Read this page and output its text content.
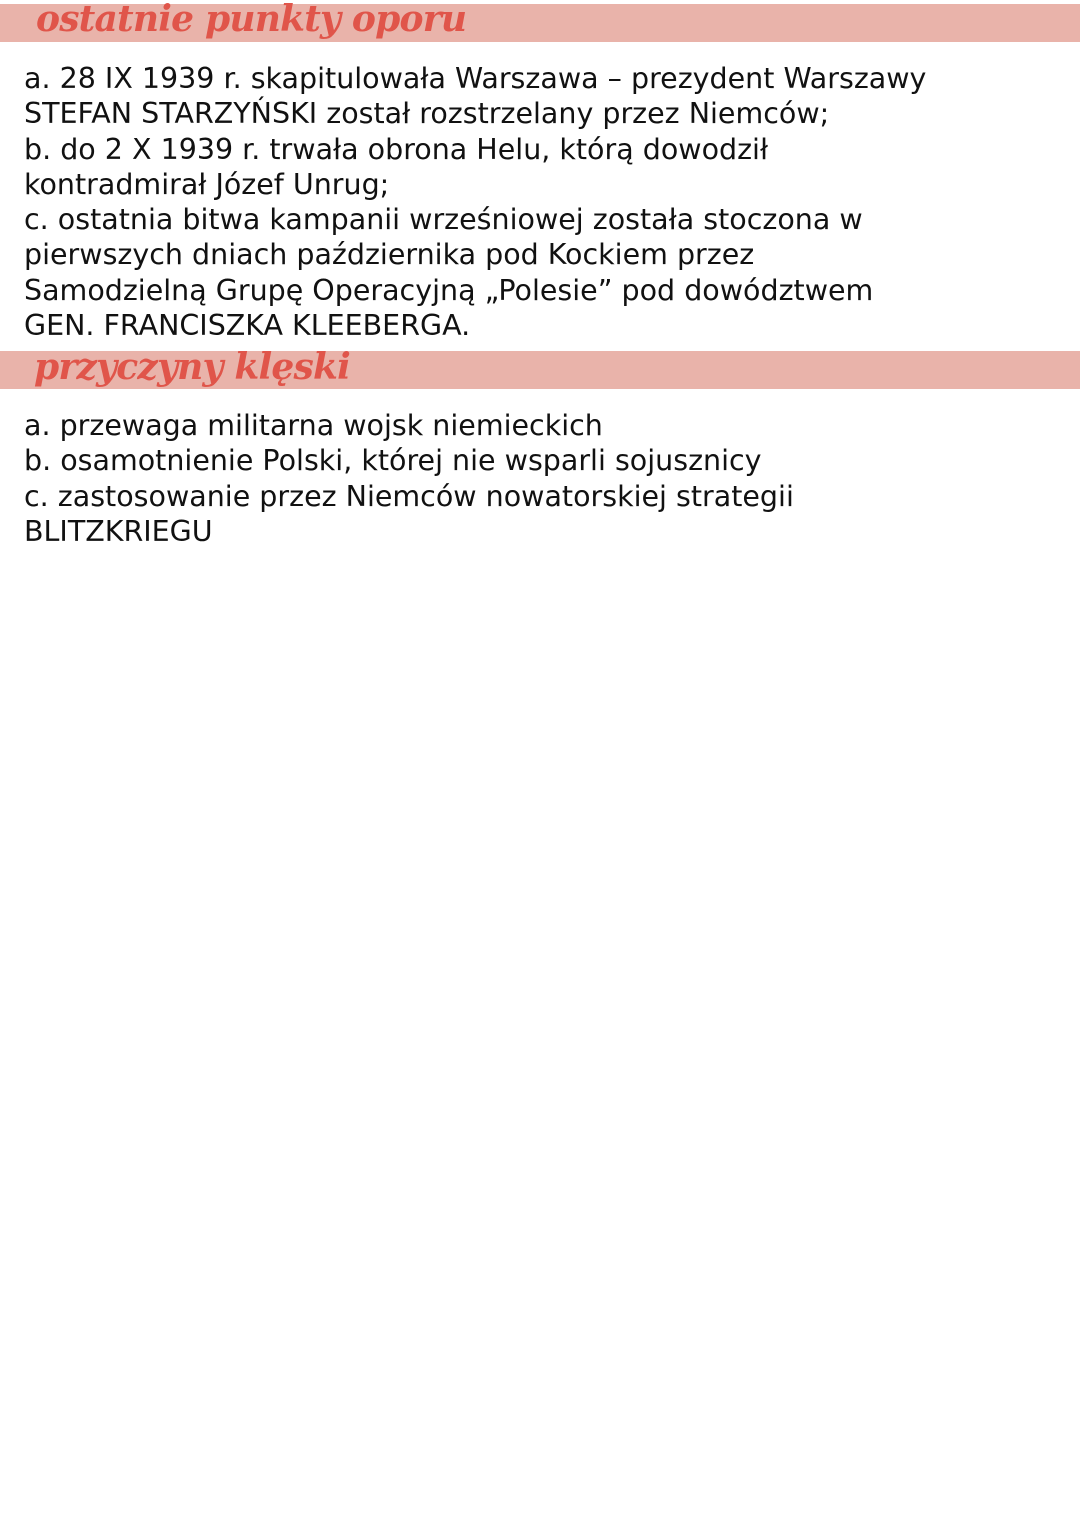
ostatnie punkty oporu

a. 28 IX 1939 r. skapitulowała Warszawa – prezydent Warszawy

STEFAN STARZYŃSKI został rozstrzelany przez Niemców;

b. do 2 X 1939 r. trwała obrona Helu, którą dowodził

kontradmirał Józef Unrug;

c. ostatnia bitwa kampanii wrześniowej została stoczona w

pierwszych dniach października pod Kockiem przez

Samodzielną Grupę Operacyjną „Polesie” pod dowództwem

GEN. FRANCISZKA KLEEBERGA.

przyczyny klęski

a. przewaga militarna wojsk niemieckich

b. osamotnienie Polski, której nie wsparli sojusznicy

c. zastosowanie przez Niemców nowatorskiej strategii

BLITZKRIEGU
